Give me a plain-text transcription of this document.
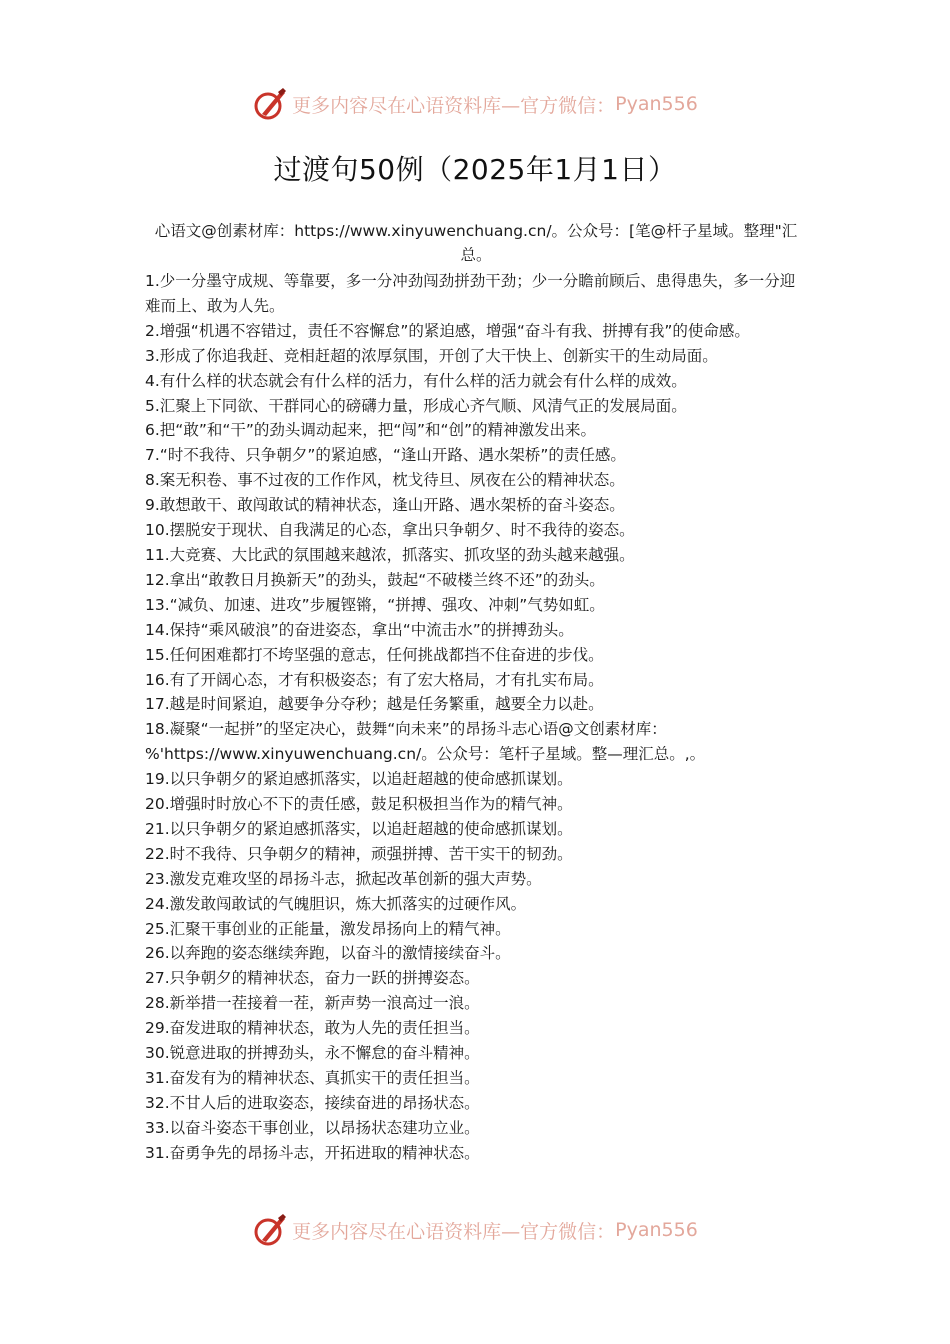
更多内容尽在心语资料库—官方微信： Pyan556
过渡句50例（2025年1月1日）
心语文@创素材库：https://www.xinyuwenchuang.cn/。公众号：[笔@杆子星域。整理"汇总。
1.少一分墨守成规、等靠要，多一分冲劲闯劲拼劲干劲；少一分瞻前顾后、患得患失，多一分迎难而上、敢为人先。
2.增强“机遇不容错过，责任不容懈怠”的紧迫感，增强“奋斗有我、拼搏有我”的使命感。
3.形成了你追我赶、竞相赶超的浓厚氛围，开创了大干快上、创新实干的生动局面。
4.有什么样的状态就会有什么样的活力，有什么样的活力就会有什么样的成效。
5.汇聚上下同欲、干群同心的磅礴力量，形成心齐气顺、风清气正的发展局面。
6.把“敢”和“干”的劲头调动起来，把“闯”和“创”的精神激发出来。
7.“时不我待、只争朝夕”的紧迫感，“逢山开路、遇水架桥”的责任感。
8.案无积卷、事不过夜的工作作风，枕戈待旦、夙夜在公的精神状态。
9.敢想敢干、敢闯敢试的精神状态，逢山开路、遇水架桥的奋斗姿态。
10.摆脱安于现状、自我满足的心态，拿出只争朝夕、时不我待的姿态。
11.大竞赛、大比武的氛围越来越浓，抓落实、抓攻坚的劲头越来越强。
12.拿出“敢教日月换新天”的劲头，鼓起“不破楼兰终不还”的劲头。
13.“减负、加速、进攻”步履铿锵，“拼搏、强攻、冲刺”气势如虹。
14.保持“乘风破浪”的奋进姿态，拿出“中流击水”的拼搏劲头。
15.任何困难都打不垮坚强的意志，任何挑战都挡不住奋进的步伐。
16.有了开阔心态，才有积极姿态；有了宏大格局，才有扎实布局。
17.越是时间紧迫，越要争分夺秒；越是任务繁重，越要全力以赴。
18.凝聚“一起拼”的坚定决心，鼓舞“向未来”的昂扬斗志心语@文创素材库：%'https://www.xinyuwenchuang.cn/。公众号：笔杆子星域。整—理汇总。,。
19.以只争朝夕的紧迫感抓落实，以追赶超越的使命感抓谋划。
20.增强时时放心不下的责任感，鼓足积极担当作为的精气神。
21.以只争朝夕的紧迫感抓落实，以追赶超越的使命感抓谋划。
22.时不我待、只争朝夕的精神，顽强拼搏、苦干实干的韧劲。
23.激发克难攻坚的昂扬斗志，掀起改革创新的强大声势。
24.激发敢闯敢试的气魄胆识，炼大抓落实的过硬作风。
25.汇聚干事创业的正能量，激发昂扬向上的精气神。
26.以奔跑的姿态继续奔跑，以奋斗的激情接续奋斗。
27.只争朝夕的精神状态，奋力一跃的拼搏姿态。
28.新举措一茬接着一茬，新声势一浪高过一浪。
29.奋发进取的精神状态，敢为人先的责任担当。
30.锐意进取的拼搏劲头，永不懈怠的奋斗精神。
31.奋发有为的精神状态、真抓实干的责任担当。
32.不甘人后的进取姿态，接续奋进的昂扬状态。
33.以奋斗姿态干事创业，以昂扬状态建功立业。
31.奋勇争先的昂扬斗志，开拓进取的精神状态。
更多内容尽在心语资料库—官方微信： Pyan556
